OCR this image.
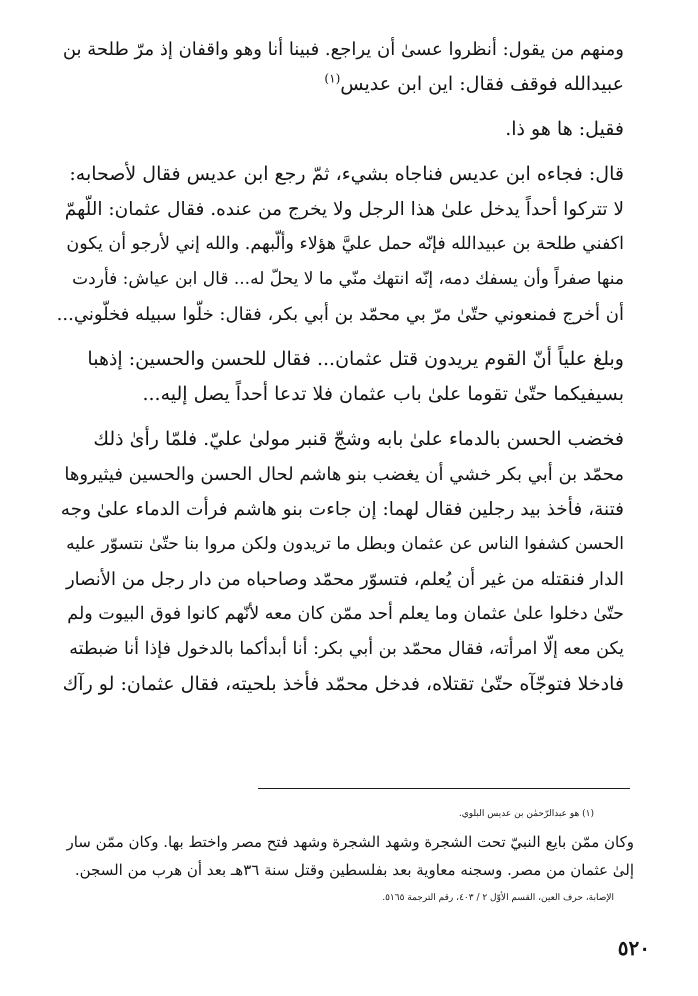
ومنهم من يقول: أنظروا عسىٰ أن يراجع. فبينا أنا وهو واقفان إذ مرّ طلحة بن
عبيدالله فوقف فقال: اين ابن عديس$^{(١)}$

فقيل: ها هو ذا.

قال: فجاءه ابن عديس فناجاه بشيء، ثمّ رجع ابن عديس فقال لأصحابه:
لا تتركوا أحداً يدخل علىٰ هذا الرجل ولا يخرج من عنده. فقال عثمان: اللّهمّ
اكفني طلحة بن عبيدالله فإنّه حمل عليَّ هؤلاء وألّبهم. والله إني لأرجو أن يكون
منها صفراً وأن يسفك دمه، إنّه انتهك منّي ما لا يحلّ له... قال ابن عياش: فأردت
أن أخرج فمنعوني حتّىٰ مرّ بي محمّد بن أبي بكر، فقال: خلّوا سبيله فخلّوني...

وبلغ علياً أنّ القوم يريدون قتل عثمان... فقال للحسن والحسين: إذهبا
بسيفيكما حتّىٰ تقوما علىٰ باب عثمان فلا تدعا أحداً يصل إليه...

فخضب الحسن بالدماء علىٰ بابه وشجّ قنبر مولىٰ عليّ. فلمّا رأىٰ ذلك
محمّد بن أبي بكر خشي أن يغضب بنو هاشم لحال الحسن والحسين فيثيروها
فتنة، فأخذ بيد رجلين فقال لهما: إن جاءت بنو هاشم فرأت الدماء علىٰ وجه
الحسن كشفوا الناس عن عثمان وبطل ما تريدون ولكن مروا بنا حتّىٰ نتسوّر عليه
الدار فنقتله من غير أن يُعلم، فتسوّر محمّد وصاحباه من دار رجل من الأنصار
حتّىٰ دخلوا علىٰ عثمان وما يعلم أحد ممّن كان معه لأنّهم كانوا فوق البيوت ولم
يكن معه إلّا امرأته، فقال محمّد بن أبي بكر: أنا أبدأكما بالدخول فإذا أنا ضبطته
فادخلا فتوجّآه حتّىٰ تقتلاه، فدخل محمّد فأخذ بلحيته، فقال عثمان: لو رآك

(١) هو عبدالرّحمٰن بن عديس البلوي.

وكان ممّن بايع النبيّ تحت الشجرة وشهد الشجرة وشهد فتح مصر واختط بها. وكان ممّن سار

إلىٰ عثمان من مصر. وسجنه معاوية بعد بفلسطين وقتل سنة ٣٦هـ بعد أن هرب من السجن.

الإصابة، حرف العين، القسم الأوّل ٢ / ٤٠٣، رقم الترجمة ٥١٦٥.

٥٢٠
